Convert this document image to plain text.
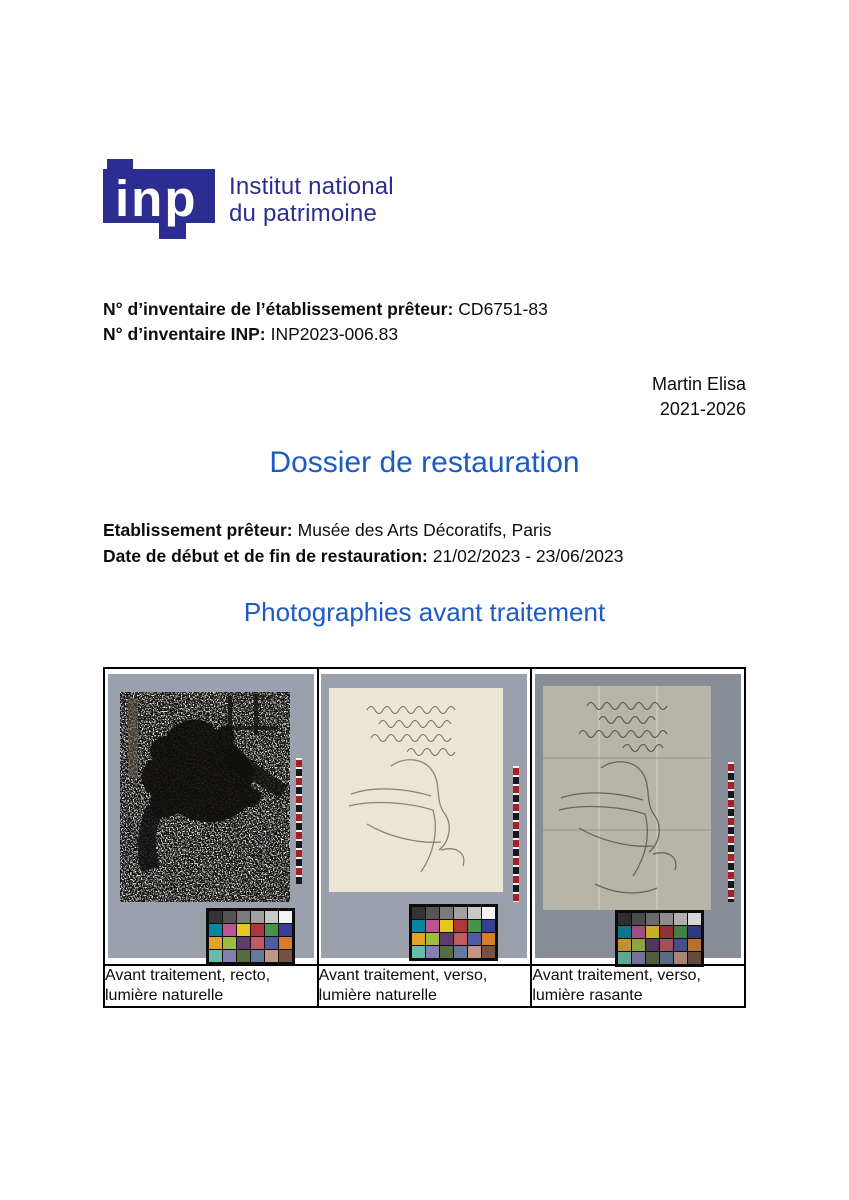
inp Institut national
du patrimoine
N° d’inventaire de l’établissement prêteur: CD6751-83
N° d’inventaire INP: INP2023-006.83
Martin Elisa
2021-2026
Dossier de restauration
Etablissement prêteur: Musée des Arts Décoratifs, Paris
Date de début et de fin de restauration: 21/02/2023 - 23/06/2023
Photographies avant traitement

Avant traitement, recto, lumière naturelle	Avant traitement, verso, lumière naturelle	Avant traitement, verso, lumière rasante
